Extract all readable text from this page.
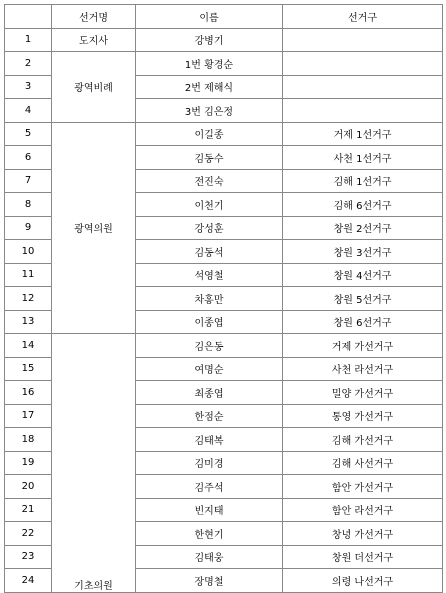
	선거명	이름	선거구
1	도지사	강병기	
2	광역비례	1번 황경순	
3		2번 제해식	
4		3번 김은정	
5	광역의원	이길종	거제 1선거구
6		김동수	사천 1선거구
7		전진숙	김해 1선거구
8		이천기	김해 6선거구
9		강성훈	창원 2선거구
10		김동석	창원 3선거구
11		석영철	창원 4선거구
12		차홍만	창원 5선거구
13		이종엽	창원 6선거구
14	기초의원	김은동	거제 가선거구
15		여명순	사천 라선거구
16		최종엽	밀양 가선거구
17		한점순	통영 가선거구
18		김태복	김해 가선거구
19		김미경	김해 사선거구
20		김주석	함안 가선거구
21		빈지태	함안 라선거구
22		한현기	창녕 가선거구
23		김태웅	창원 더선거구
24		장명철	의령 나선거구
